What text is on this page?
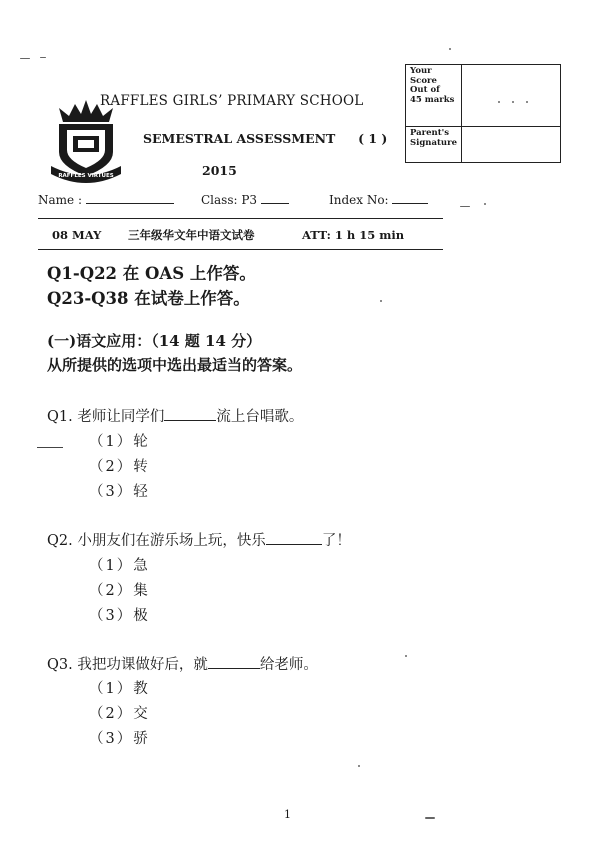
RAFFLES VIRTUES
RAFFLES GIRLS’ PRIMARY SCHOOL
SEMESTRAL ASSESSMENT ( 1 )
2015
Your
Score
Out of
45 marks	

Parent's
Signature	

Name :	Class: P3	Index No:
08 MAY 三年级华文年中语文试卷	ATT: 1 h 15 min
Q1-Q22 在 OAS 上作答。
Q23-Q38 在试卷上作答。
(一)语文应用：（14 题 14 分）
从所提供的选项中选出最适当的答案。
Q1. 老师让同学们	流上台唱歌。
（1）轮
（2）转
（3）轻
Q2. 小朋友们在游乐场上玩，快乐	了！
（1）急
（2）集
（3）极
Q3. 我把功课做好后，就	给老师。
（1）教
（2）交
（3）骄
1
